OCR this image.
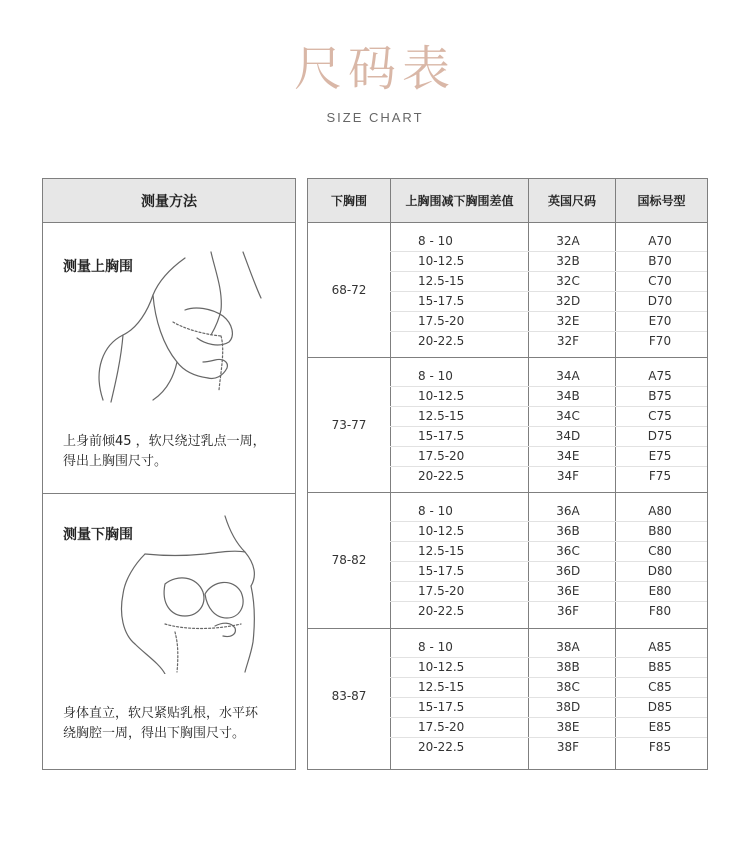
尺码表
SIZE CHART
测量方法
测量上胸围
上身前倾45 ，软尺绕过乳点一周，
得出上胸围尺寸。
测量下胸围
身体直立，软尺紧贴乳根，水平环
绕胸腔一周，得出下胸围尺寸。
下胸围	上胸围减下胸围差值	英国尺码	国标号型
68-72
8 - 10	32A	A70
10-12.5	32B	B70
12.5-15	32C	C70
15-17.5	32D	D70
17.5-20	32E	E70
20-22.5	32F	F70
73-77
8 - 10	34A	A75
10-12.5	34B	B75
12.5-15	34C	C75
15-17.5	34D	D75
17.5-20	34E	E75
20-22.5	34F	F75
78-82
8 - 10	36A	A80
10-12.5	36B	B80
12.5-15	36C	C80
15-17.5	36D	D80
17.5-20	36E	E80
20-22.5	36F	F80
83-87
8 - 10	38A	A85
10-12.5	38B	B85
12.5-15	38C	C85
15-17.5	38D	D85
17.5-20	38E	E85
20-22.5	38F	F85
